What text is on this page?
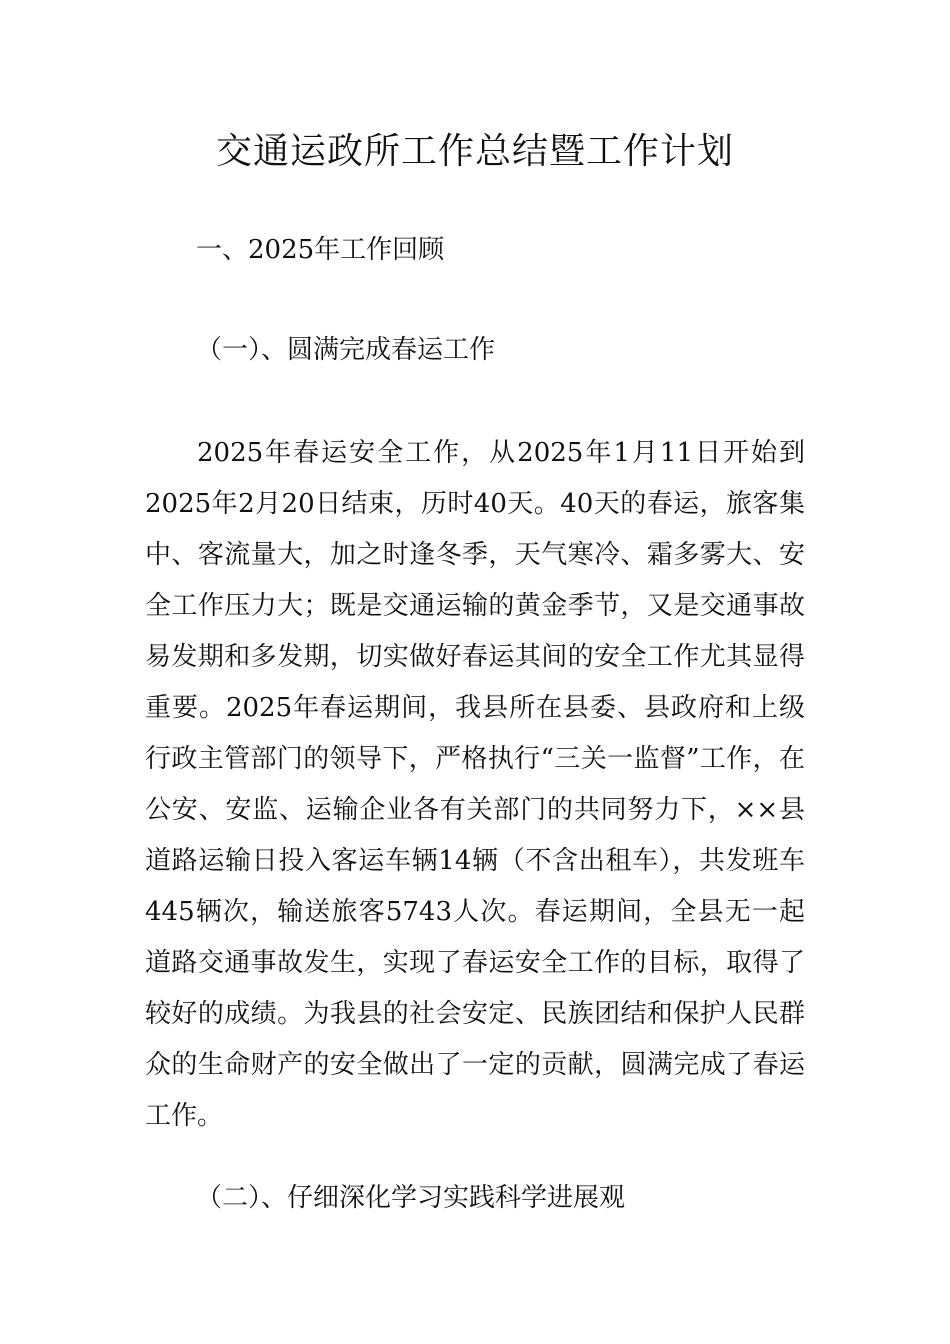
交通运政所工作总结暨工作计划
一、2025年工作回顾
（一）、圆满完成春运工作

2025年春运安全工作，从2025年1月11日开始到2025年2月20日结束，历时40天。40天的春运，旅客集中、客流量大，加之时逢冬季，天气寒冷、霜多雾大、安全工作压力大；既是交通运输的黄金季节，又是交通事故易发期和多发期，切实做好春运其间的安全工作尤其显得重要。2025年春运期间，我县所在县委、县政府和上级行政主管部门的领导下，严格执行“三关一监督”工作，在公安、安监、运输企业各有关部门的共同努力下，××县道路运输日投入客运车辆14辆（不含出租车），共发班车445辆次，输送旅客5743人次。春运期间，全县无一起道路交通事故发生，实现了春运安全工作的目标，取得了较好的成绩。为我县的社会安定、民族团结和保护人民群众的生命财产的安全做出了一定的贡献，圆满完成了春运工作。

（二）、仔细深化学习实践科学进展观
